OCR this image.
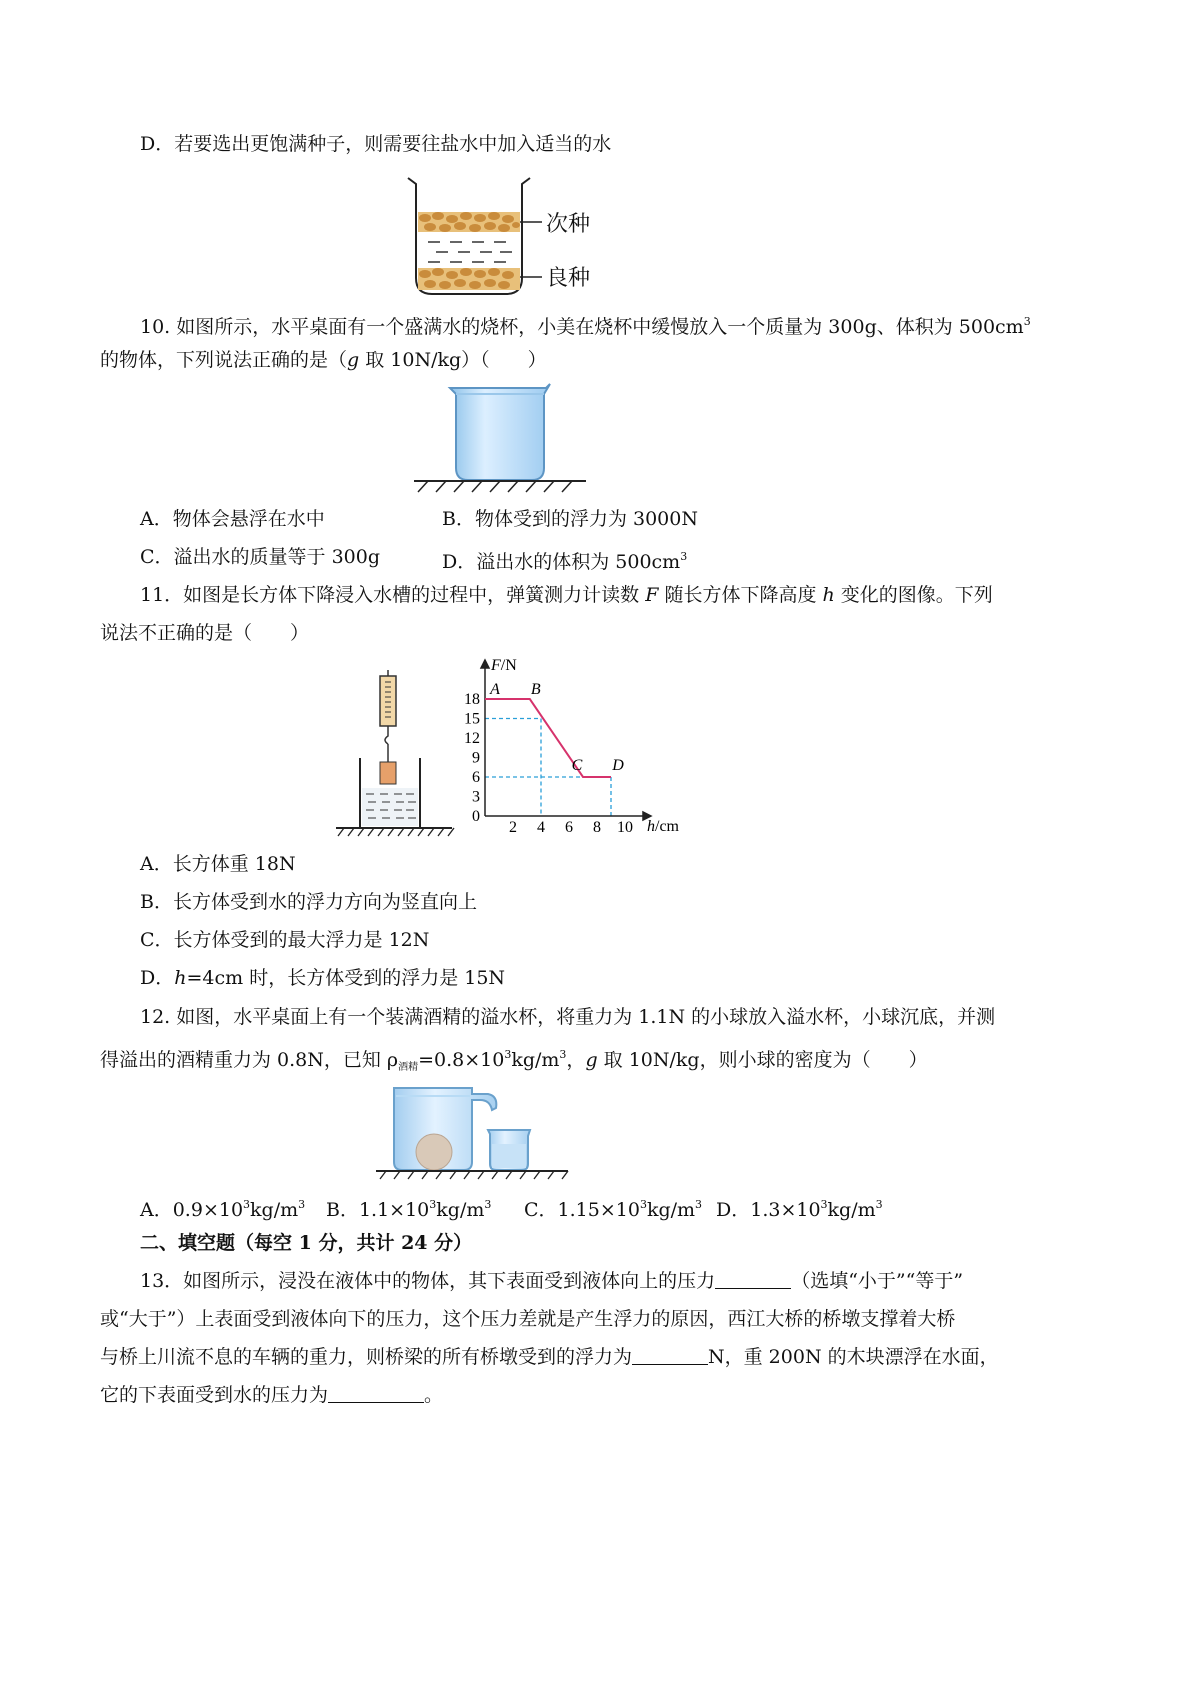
D．若要选出更饱满种子，则需要往盐水中加入适当的水
次种
良种
10. 如图所示，水平桌面有一个盛满水的烧杯，小美在烧杯中缓慢放入一个质量为 300g、体积为 $500cm^3$
的物体，下列说法正确的是（g 取 10N/kg）（　　）
A．物体会悬浮在水中	B．物体受到的浮力为 3000N
C．溢出水的质量等于 300g	D．溢出水的体积为 $500cm^3$
11．如图是长方体下降浸入水槽的过程中，弹簧测力计读数 F 随长方体下降高度 h 变化的图像。下列
说法不正确的是（　　）
18
15
12
9
6
3
0
2 4 6 8 10
A B
C D
F/N
h/cm
A．长方体重 18N
B．长方体受到水的浮力方向为竖直向上
C．长方体受到的最大浮力是 12N
D．h=4cm 时，长方体受到的浮力是 15N
12. 如图，水平桌面上有一个装满酒精的溢水杯，将重力为 1.1N 的小球放入溢水杯，小球沉底，并测
得溢出的酒精重力为 0.8N，已知 $\rho_{酒精}=0.8\times 10^3kg/m^3$，g 取 10N/kg，则小球的密度为（　　）
A．$0.9\times 10^3kg/m^3$ B．$1.1\times 10^3kg/m^3$ C．$1.15\times 10^3kg/m^3$ D．$1.3\times 10^3kg/m^3$
二、填空题（每空 1 分，共计 24 分）
13．如图所示，浸没在液体中的物体，其下表面受到液体向上的压力	（选填“小于”“等于”
或“大于”）上表面受到液体向下的压力，这个压力差就是产生浮力的原因，西江大桥的桥墩支撑着大桥
与桥上川流不息的车辆的重力，则桥梁的所有桥墩受到的浮力为	N，重 200N 的木块漂浮在水面，
它的下表面受到水的压力为	。
